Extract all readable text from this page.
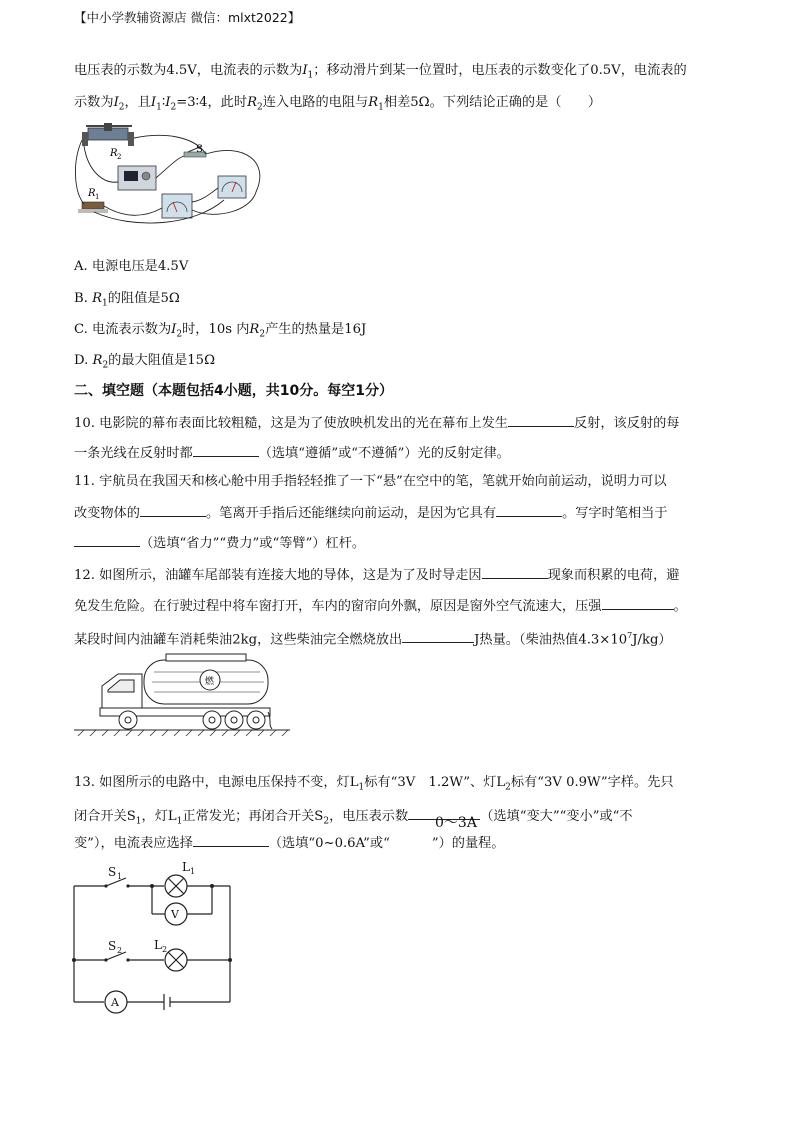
【中小学教辅资源店 微信：mlxt2022】
电压表的示数为4.5V，电流表的示数为$I_1$；移动滑片到某一位置时，电压表的示数变化了0.5V，电流表的
示数为$I_2$，且$I_1∶I_2=3∶4$，此时$R_2$连入电路的电阻与$R_1$相差5Ω。下列结论正确的是（　　）
R 2
S
R 1
A. 电源电压是4.5V
B. $R_1$的阻值是5Ω
C. 电流表示数为$I_2$时，10s 内$R_2$产生的热量是16J
D. $R_2$的最大阻值是15Ω
二、填空题（本题包括4小题，共10分。每空1分）
10. 电影院的幕布表面比较粗糙，这是为了使放映机发出的光在幕布上发生	反射，该反射的每
一条光线在反射时都	（选填“遵循”或“不遵循”）光的反射定律。
11. 宇航员在我国天和核心舱中用手指轻轻推了一下“悬”在空中的笔，笔就开始向前运动，说明力可以
改变物体的	。笔离开手指后还能继续向前运动，是因为它具有	。写字时笔相当于
（选填“省力”“费力”或“等臂”）杠杆。
12. 如图所示，油罐车尾部装有连接大地的导体，这是为了及时导走因	现象而积累的电荷，避
免发生危险。在行驶过程中将车窗打开，车内的窗帘向外飘，原因是窗外空气流速大，压强	。
某段时间内油罐车消耗柴油2kg，这些柴油完全燃烧放出	J热量。（柴油热值$4.3\times 10^7J/kg$）
燃
13. 如图所示的电路中，电源电压保持不变，灯$L_1$标有“3V　1.2W”、灯$L_2$标有“3V 0.9W”字样。先只
闭合开关$S_1$，灯$L_1$正常发光；再闭合开关$S_2$，电压表示数	（选填“变大”“变小”或“不
0～3A
变”），电流表应选择	（选填“0~0.6A”或“	”）的量程。
S 1
L 1
V
S 2	L 2
A
